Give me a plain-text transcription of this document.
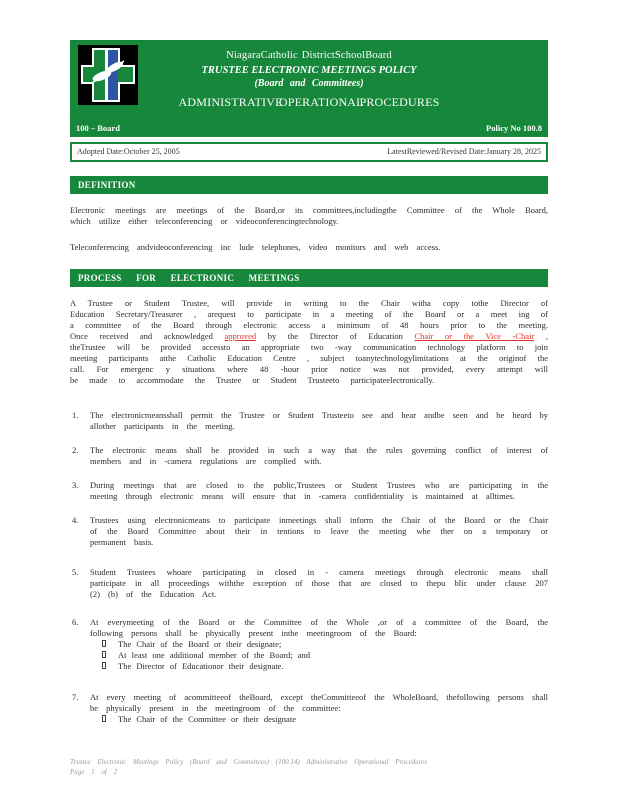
NiagaraCatholic DistrictSchoolBoard
TRUSTEE ELECTRONIC MEETINGS POLICY
(Board and Committees)
ADMINISTRATIVE OPERATIONAL PROCEDURES
100 – Board	Policy No 100.8
Adopted Date:October 25, 2005	LatestReviewed/Revised Date:January 28, 2025
DEFINITION
Electronic meetings are meetings of the Board,or its committees,includingthe Committee of the Whole Board, which utilize either teleconferencing or videoconferencingtechnology.
Teleconferencing andvideoconferencing inc lude telephones, video monitors and web access.
PROCESS FOR ELECTRONIC MEETINGS
A Trustee or Student Trustee, will provide in writing to the Chair witha copy tothe Director of Education Secretary/Treasurer , arequest to participate in a meeting of the Board or a meet ing of a committee of the Board through electronic access a minimum of 48 hours prior to the meeting. Once received and acknowledged approved by the Director of Education Chair or the Vice -Chair , theTrustee will be provided accessto an appropriate two -way communication technology platform to join meeting participants atthe Catholic Education Centre , subject toanytechnologylimitations at the originof the call. For emergenc y situations where 48 -hour prior notice was not provided, every attempt will be made to accommodate the Trustee or Student Trusteeto participateelectronically.
1.	The electronicmeansshall permit the Trustee or Student Trusteeto see and hear andbe seen and be heard by allother participants in the meeting.
2.	The electronic means shall be provided in such a way that the rules governing conflict of interest of members and in -camera regulations are complied with.
3.	During meetings that are closed to the public,Trustees or Student Trustees who are participating in the meeting through electronic means will ensure that in -camera confidentiality is maintained at alltimes.
4.	Trustees using electronicmeans to participate inmeetings shall inform the Chair of the Board or the Chair of the Board Committee about their in tentions to leave the meeting whe ther on a temporary or permanent basis.
5.	Student Trustees whoare participating in closed in - camera meetings through electronic means shall participate in all proceedings withthe exception of those that are closed to thepu blic under clause 207 (2) (b) of the Education Act.
6.	At everymeeting of the Board or the Committee of the Whole ,or of a committee of the Board, the following persons shall be physically present inthe meetingroom of the Board:
The Chair of the Board or their designate;
At least one additional member of the Board; and
The Director of Educationor their designate.
7.	At every meeting of acommitteeof theBoard, except theCommitteeof the WholeBoard, thefollowing persons shall be physically present in the meetingroom of the committee:
The Chair of the Committee or their designate
Trustee Electronic Meetings Policy (Board and Committees) (100.14) Administrative Operational Procedures
Page 1 of 2
